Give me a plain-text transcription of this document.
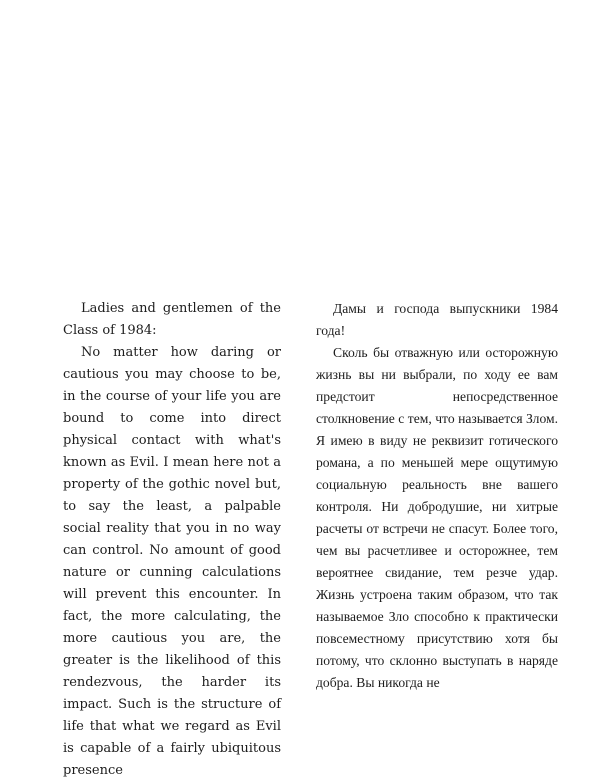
Ladies and gentlemen of the Class of 1984:

No matter how daring or cautious you may choose to be, in the course of your life you are bound to come into direct physical contact with what's known as Evil. I mean here not a property of the gothic novel but, to say the least, a palpable social reality that you in no way can control. No amount of good nature or cunning calculations will prevent this encounter. In fact, the more calculating, the more cautious you are, the greater is the likelihood of this rendezvous, the harder its impact. Such is the structure of life that what we regard as Evil is capable of a fairly ubiquitous presence

Дамы и господа выпускники 1984 года!

Сколь бы отважную или осторожную жизнь вы ни выбрали, по ходу ее вам предстоит непосредственное столкновение с тем, что называется Злом. Я имею в виду не реквизит готического романа, а по меньшей мере ощутимую социальную реальность вне вашего контроля. Ни добродушие, ни хитрые расчеты от встречи не спасут. Более того, чем вы расчетливее и осторожнее, тем вероятнее свидание, тем резче удар. Жизнь устроена таким образом, что так называемое Зло способно к практически повсеместному присутствию хотя бы потому, что склонно выступать в наряде добра. Вы никогда не
